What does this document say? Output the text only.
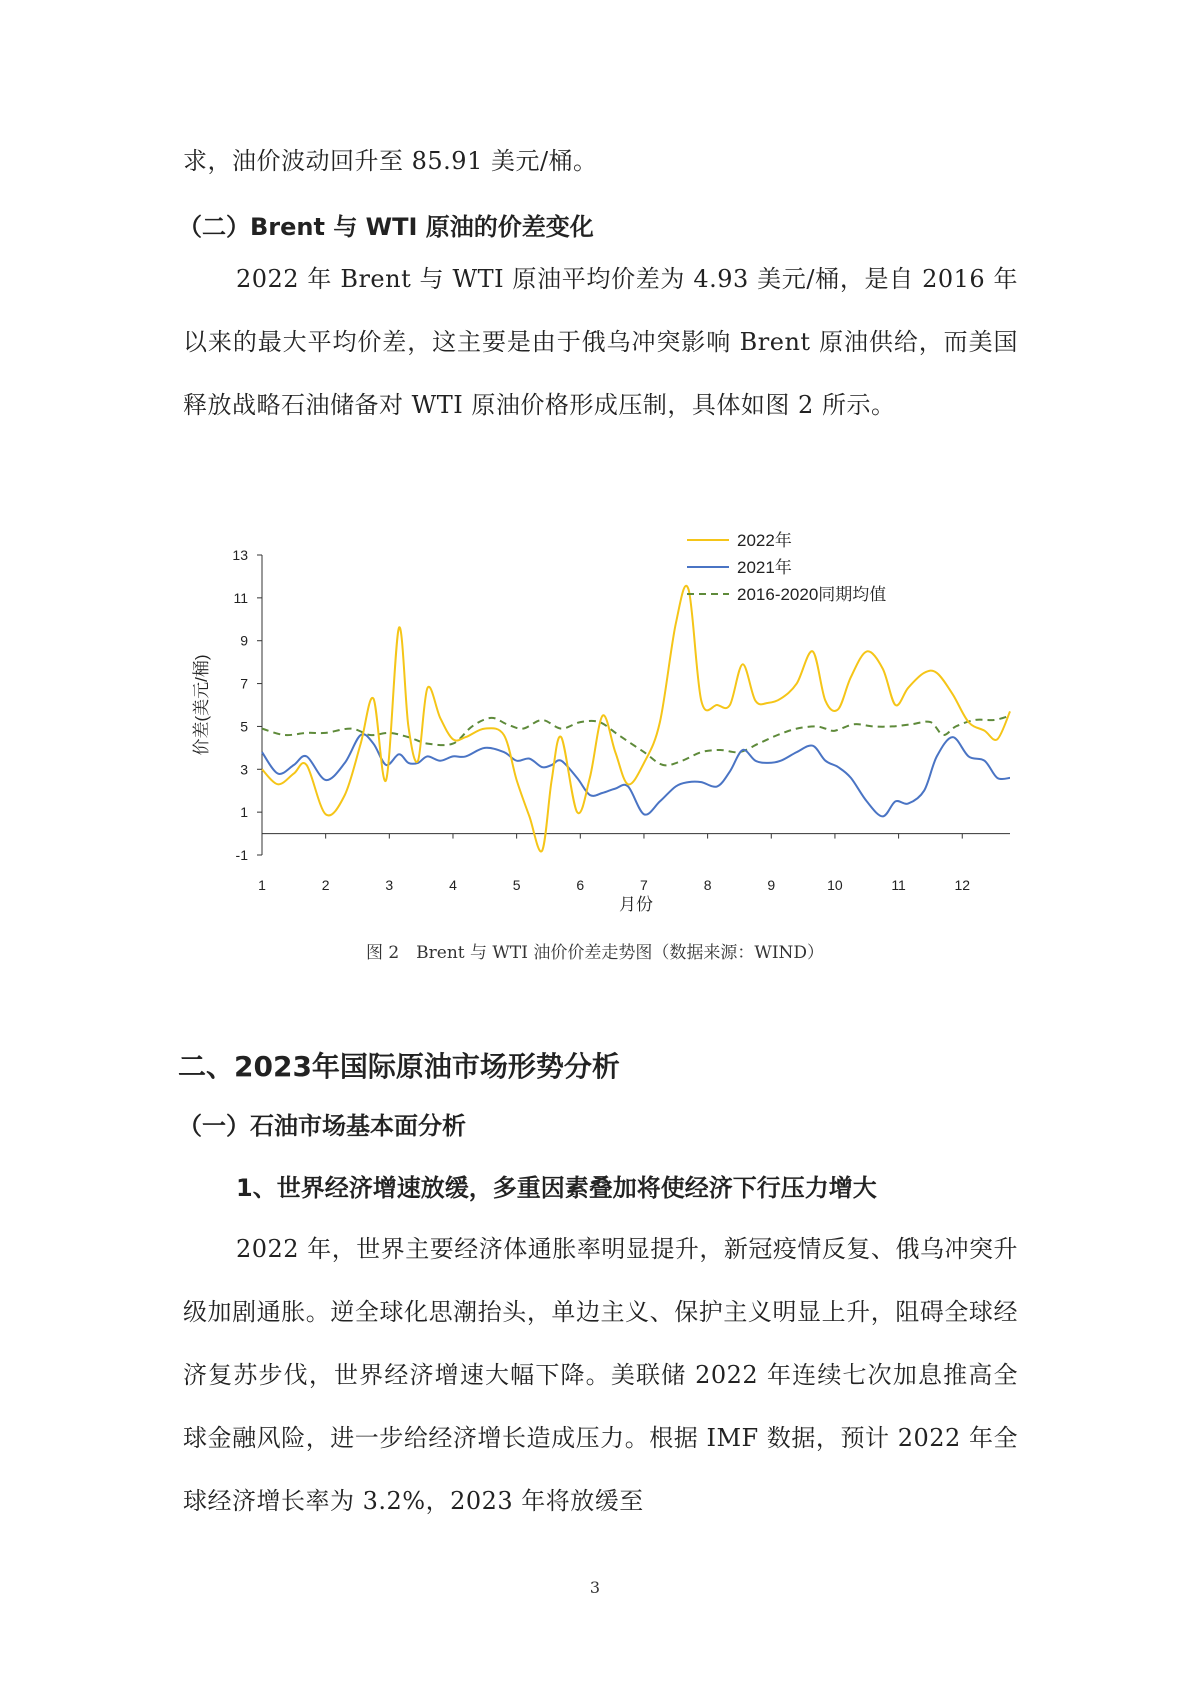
求，油价波动回升至 85.91 美元/桶。
（二）Brent 与 WTI 原油的价差变化
2022 年 Brent 与 WTI 原油平均价差为 4.93 美元/桶，是自 2016 年以来的最大平均价差，这主要是由于俄乌冲突影响 Brent 原油供给，而美国释放战略石油储备对 WTI 原油价格形成压制，具体如图 2 所示。
-1
1
3
5
7
9
11
13
1	2	3	4	5	6	7	8	9	10	11	12
月份
价差(美元/桶)
2022年
2021年
2016-2020同期均值
图 2　Brent 与 WTI 油价价差走势图（数据来源：WIND）
二、2023年国际原油市场形势分析
（一）石油市场基本面分析
1、世界经济增速放缓，多重因素叠加将使经济下行压力增大
2022 年，世界主要经济体通胀率明显提升，新冠疫情反复、俄乌冲突升级加剧通胀。逆全球化思潮抬头，单边主义、保护主义明显上升，阻碍全球经济复苏步伐，世界经济增速大幅下降。美联储 2022 年连续七次加息推高全球金融风险，进一步给经济增长造成压力。根据 IMF 数据，预计 2022 年全球经济增长率为 3.2%，2023 年将放缓至
3
